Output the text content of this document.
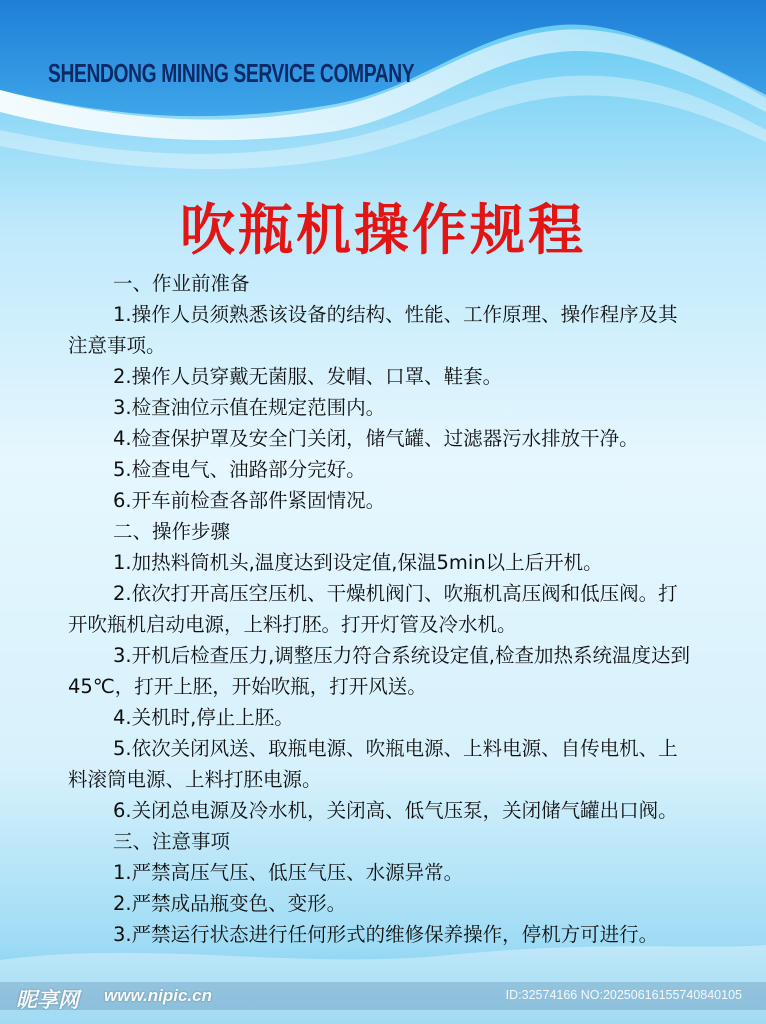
SHENDONG MINING SERVICE COMPANY
吹瓶机操作规程
一、作业前准备
1.操作人员须熟悉该设备的结构、性能、工作原理、操作程序及其
注意事项。
2.操作人员穿戴无菌服、发帽、口罩、鞋套。
3.检查油位示值在规定范围内。
4.检查保护罩及安全门关闭，储气罐、过滤器污水排放干净。
5.检查电气、油路部分完好。
6.开车前检查各部件紧固情况。
二、操作步骤
1.加热料筒机头,温度达到设定值,保温5min以上后开机。
2.依次打开高压空压机、干燥机阀门、吹瓶机高压阀和低压阀。打
开吹瓶机启动电源，上料打胚。打开灯管及冷水机。
3.开机后检查压力,调整压力符合系统设定值,检查加热系统温度达到
45℃，打开上胚，开始吹瓶，打开风送。
4.关机时,停止上胚。
5.依次关闭风送、取瓶电源、吹瓶电源、上料电源、自传电机、上
料滚筒电源、上料打胚电源。
6.关闭总电源及冷水机，关闭高、低气压泵，关闭储气罐出口阀。
三、注意事项
1.严禁高压气压、低压气压、水源异常。
2.严禁成品瓶变色、变形。
3.严禁运行状态进行任何形式的维修保养操作，停机方可进行。

昵享网 www.nipic.cn	ID:32574166 NO:20250616155740840105
